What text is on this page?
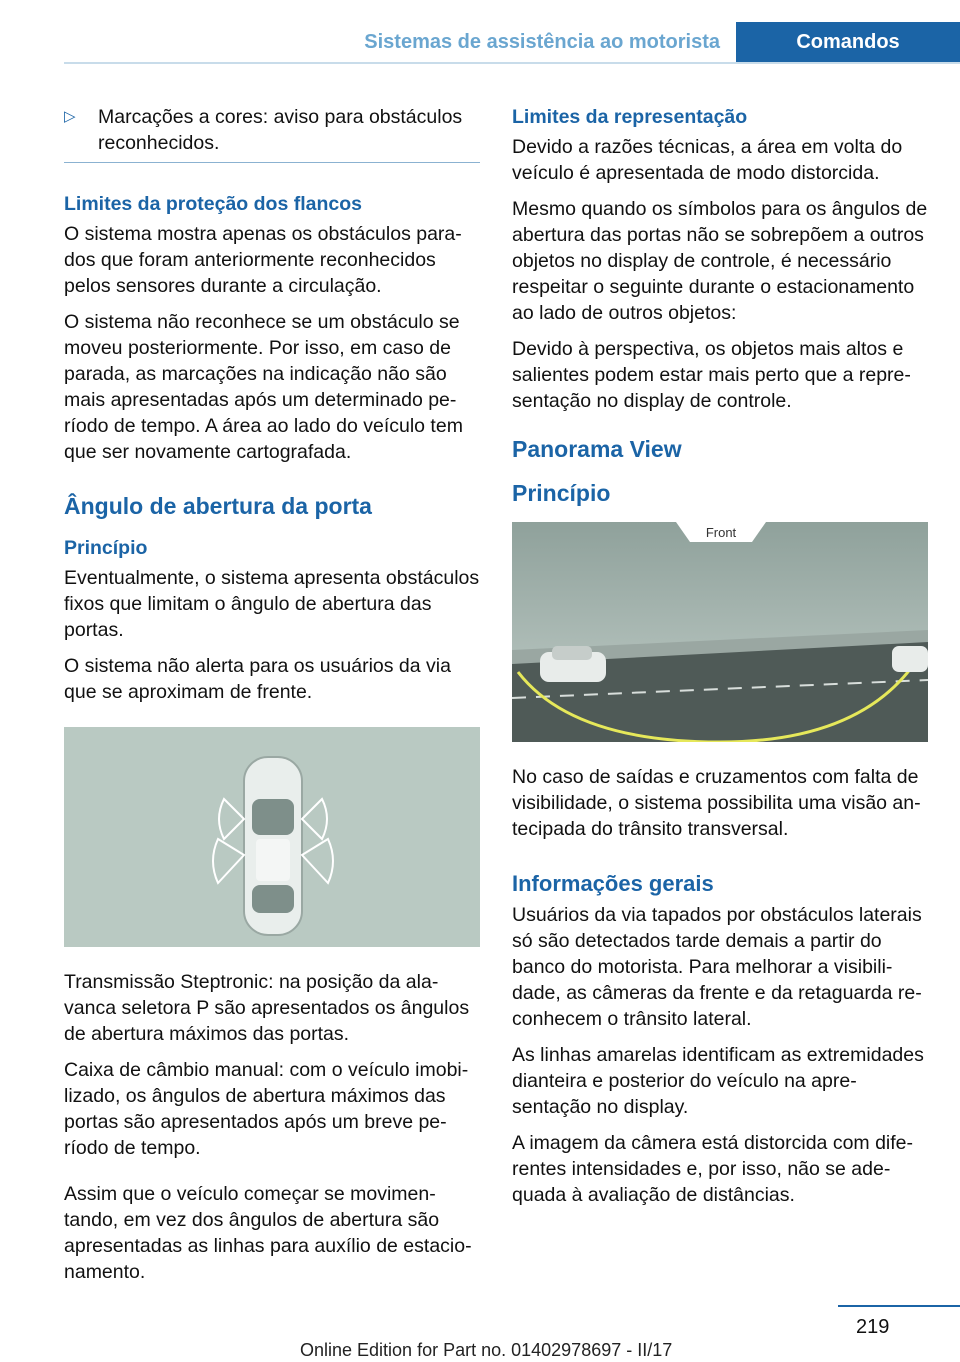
Sistemas de assistência ao motorista	Comandos
▷	Marcações a cores: aviso para obstáculos reconhecidos.

Limites da proteção dos flancos

O sistema mostra apenas os obstáculos parados que foram anteriormente reconhecidos pelos sensores durante a circulação.

O sistema não reconhece se um obstáculo se moveu posteriormente. Por isso, em caso de parada, as marcações na indicação não são mais apresentadas após um determinado período de tempo. A área ao lado do veículo tem que ser novamente cartografada.

Ângulo de abertura da porta
Princípio

Eventualmente, o sistema apresenta obstáculos fixos que limitam o ângulo de abertura das portas.

O sistema não alerta para os usuários da via que se aproximam de frente.

Transmissão Steptronic: na posição da alavanca seletora P são apresentados os ângulos de abertura máximos das portas.

Caixa de câmbio manual: com o veículo imobilizado, os ângulos de abertura máximos das portas são apresentados após um breve período de tempo.

Assim que o veículo começar se movimentando, em vez dos ângulos de abertura são apresentadas as linhas para auxílio de estacionamento.

Limites da representação

Devido a razões técnicas, a área em volta do veículo é apresentada de modo distorcida.

Mesmo quando os símbolos para os ângulos de abertura das portas não se sobrepõem a outros objetos no display de controle, é necessário respeitar o seguinte durante o estacionamento ao lado de outros objetos:

Devido à perspectiva, os objetos mais altos e salientes podem estar mais perto que a representação no display de controle.

Panorama View
Princípio
Front

No caso de saídas e cruzamentos com falta de visibilidade, o sistema possibilita uma visão antecipada do trânsito transversal.

Informações gerais

Usuários da via tapados por obstáculos laterais só são detectados tarde demais a partir do banco do motorista. Para melhorar a visibilidade, as câmeras da frente e da retaguarda reconhecem o trânsito lateral.

As linhas amarelas identificam as extremidades dianteira e posterior do veículo na apresentação no display.

A imagem da câmera está distorcida com diferentes intensidades e, por isso, não se adequada à avaliação de distâncias.

219
Online Edition for Part no. 01402978697 - II/17
